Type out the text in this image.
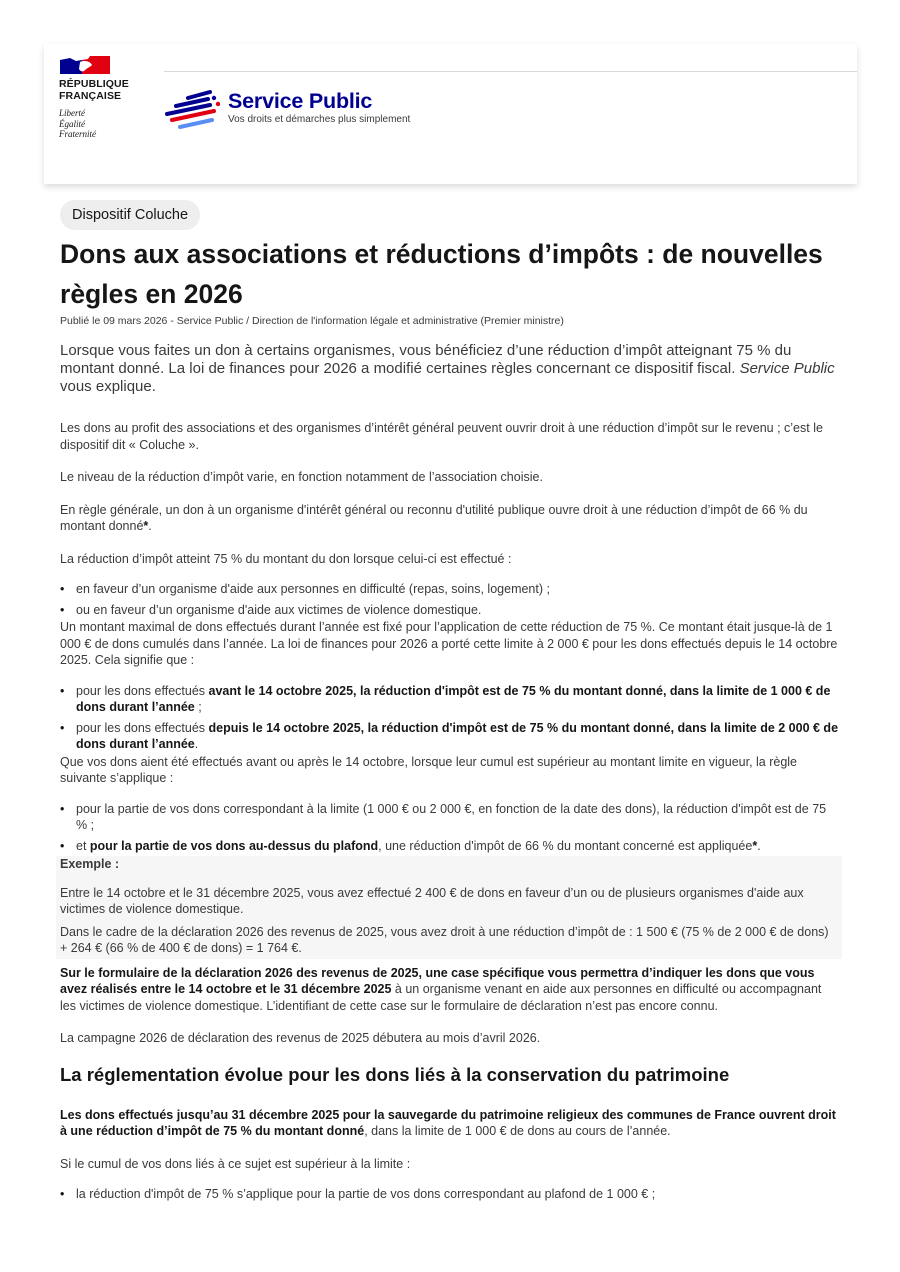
RÉPUBLIQUE
FRANÇAISE
Liberté
Égalité
Fraternité
Service Public
Vos droits et démarches plus simplement
Dispositif Coluche
Dons aux associations et réductions d’impôts : de nouvelles règles en 2026
Publié le 09 mars 2026 - Service Public / Direction de l'information légale et administrative (Premier ministre)
Lorsque vous faites un don à certains organismes, vous bénéficiez d’une réduction d’impôt atteignant 75 % du montant donné. La loi de finances pour 2026 a modifié certaines règles concernant ce dispositif fiscal. Service Public vous explique.

Les dons au profit des associations et des organismes d’intérêt général peuvent ouvrir droit à une réduction d’impôt sur le revenu ; c’est le dispositif dit « Coluche ».

Le niveau de la réduction d’impôt varie, en fonction notamment de l’association choisie.

En règle générale, un don à un organisme d'intérêt général ou reconnu d'utilité publique ouvre droit à une réduction d’impôt de 66 % du montant donné*.

La réduction d’impôt atteint 75 % du montant du don lorsque celui-ci est effectué :

• en faveur d’un organisme d'aide aux personnes en difficulté (repas, soins, logement) ;
• ou en faveur d’un organisme d'aide aux victimes de violence domestique.

Un montant maximal de dons effectués durant l’année est fixé pour l’application de cette réduction de 75 %. Ce montant était jusque-là de 1 000 € de dons cumulés dans l’année. La loi de finances pour 2026 a porté cette limite à 2 000 € pour les dons effectués depuis le 14 octobre 2025. Cela signifie que :

• pour les dons effectués avant le 14 octobre 2025, la réduction d'impôt est de 75 % du montant donné, dans la limite de 1 000 € de dons durant l’année ;
• pour les dons effectués depuis le 14 octobre 2025, la réduction d'impôt est de 75 % du montant donné, dans la limite de 2 000 € de dons durant l’année.

Que vos dons aient été effectués avant ou après le 14 octobre, lorsque leur cumul est supérieur au montant limite en vigueur, la règle suivante s’applique :

• pour la partie de vos dons correspondant à la limite (1 000 € ou 2 000 €, en fonction de la date des dons), la réduction d'impôt est de 75 % ;
• et pour la partie de vos dons au-dessus du plafond, une réduction d'impôt de 66 % du montant concerné est appliquée*.

Exemple :

Entre le 14 octobre et le 31 décembre 2025, vous avez effectué 2 400 € de dons en faveur d’un ou de plusieurs organismes d'aide aux victimes de violence domestique.

Dans le cadre de la déclaration 2026 des revenus de 2025, vous avez droit à une réduction d’impôt de : 1 500 € (75 % de 2 000 € de dons) + 264 € (66 % de 400 € de dons) = 1 764 €.

Sur le formulaire de la déclaration 2026 des revenus de 2025, une case spécifique vous permettra d’indiquer les dons que vous avez réalisés entre le 14 octobre et le 31 décembre 2025 à un organisme venant en aide aux personnes en difficulté ou accompagnant les victimes de violence domestique. L’identifiant de cette case sur le formulaire de déclaration n’est pas encore connu.

La campagne 2026 de déclaration des revenus de 2025 débutera au mois d’avril 2026.

La réglementation évolue pour les dons liés à la conservation du patrimoine

Les dons effectués jusqu’au 31 décembre 2025 pour la sauvegarde du patrimoine religieux des communes de France ouvrent droit à une réduction d’impôt de 75 % du montant donné, dans la limite de 1 000 € de dons au cours de l’année.

Si le cumul de vos dons liés à ce sujet est supérieur à la limite :

• la réduction d'impôt de 75 % s’applique pour la partie de vos dons correspondant au plafond de 1 000 € ;
